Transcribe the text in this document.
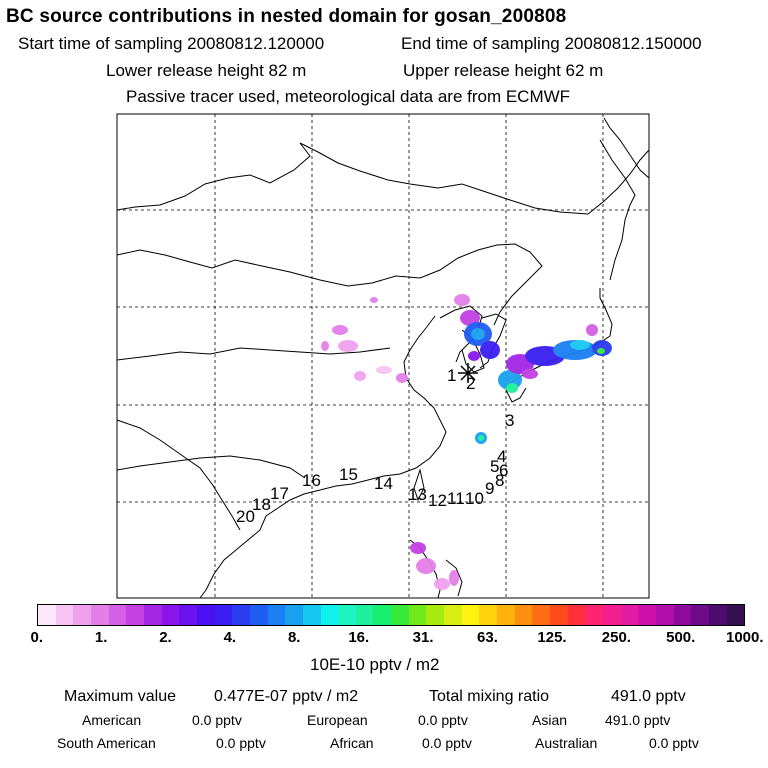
BC source contributions in nested domain for gosan_200808
Start time of sampling 20080812.120000	End time of sampling 20080812.150000
Lower release height 82 m	Upper release height 62 m
Passive tracer used, meteorological data are from ECMWF
1 2
3
4
5 6
8
9
10
11
12
13
14
15
16
17
18
20
0.	1.	2.	4.	8.	16.	31.	63.	125. 250. 500. 1000.
10E-10 pptv / m2
Maximum value 0.477E-07 pptv / m2	Total mixing ratio	491.0 pptv
American	0.0 pptv	European	0.0 pptv	Asian	491.0 pptv
South American	0.0 pptv	African	0.0 pptv	Australian	0.0 pptv
